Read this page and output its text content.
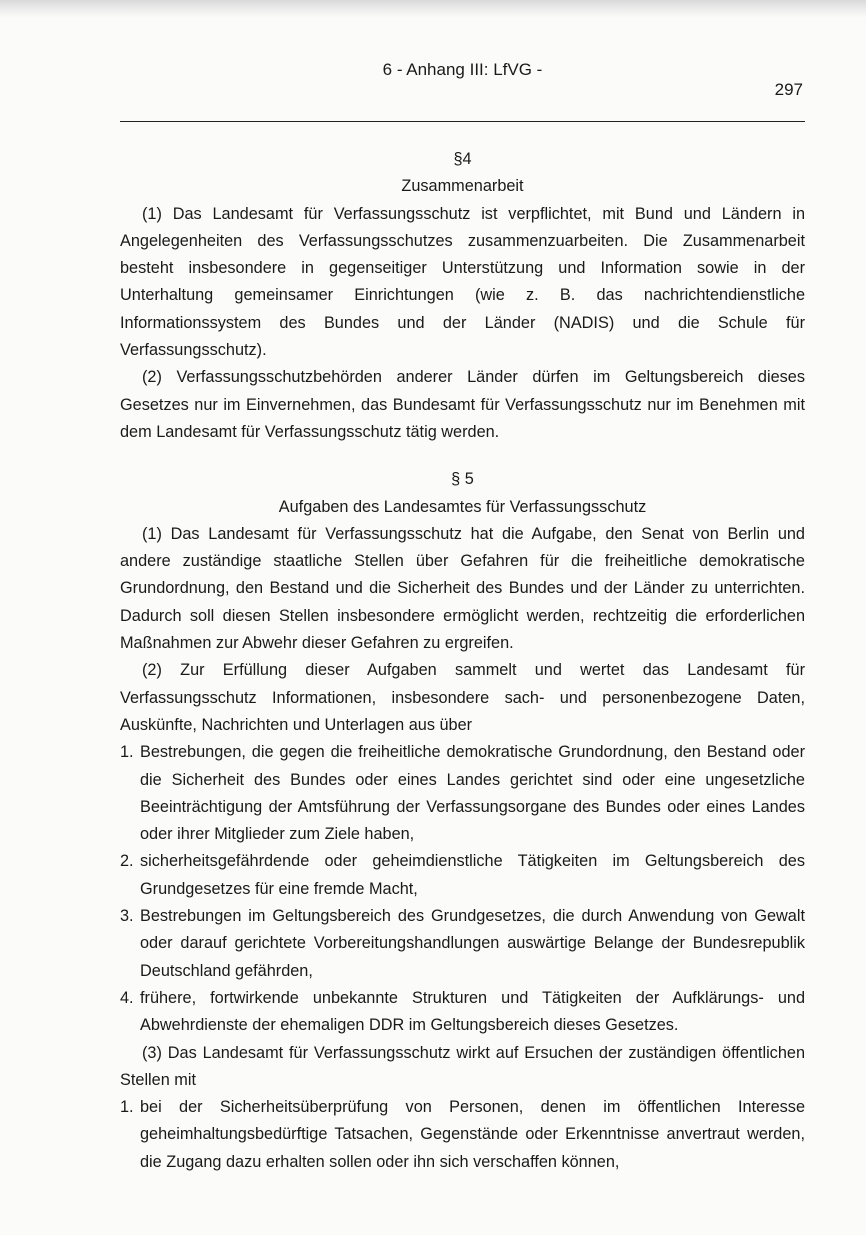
6 - Anhang III: LfVG -
297
§4
Zusammenarbeit

(1) Das Landesamt für Verfassungsschutz ist verpflichtet, mit Bund und Ländern in Angelegenheiten des Verfassungsschutzes zusammenzuarbeiten. Die Zusammenarbeit besteht insbesondere in gegenseitiger Unterstützung und Information sowie in der Unterhaltung gemeinsamer Einrichtungen (wie z. B. das nachrichtendienstliche Informationssystem des Bundes und der Länder (NADIS) und die Schule für Verfassungsschutz).

(2) Verfassungsschutzbehörden anderer Länder dürfen im Geltungsbereich dieses Gesetzes nur im Einvernehmen, das Bundesamt für Verfassungsschutz nur im Benehmen mit dem Landesamt für Verfassungsschutz tätig werden.

§ 5
Aufgaben des Landesamtes für Verfassungsschutz

(1) Das Landesamt für Verfassungsschutz hat die Aufgabe, den Senat von Berlin und andere zuständige staatliche Stellen über Gefahren für die freiheitliche demokratische Grundordnung, den Bestand und die Sicherheit des Bundes und der Länder zu unterrichten. Dadurch soll diesen Stellen insbesondere ermöglicht werden, rechtzeitig die erforderlichen Maßnahmen zur Abwehr dieser Gefahren zu ergreifen.

(2) Zur Erfüllung dieser Aufgaben sammelt und wertet das Landesamt für Verfassungsschutz Informationen, insbesondere sach- und personenbezogene Daten, Auskünfte, Nachrichten und Unterlagen aus über

1. Bestrebungen, die gegen die freiheitliche demokratische Grundordnung, den Bestand oder die Sicherheit des Bundes oder eines Landes gerichtet sind oder eine ungesetzliche Beeinträchtigung der Amtsführung der Verfassungsorgane des Bundes oder eines Landes oder ihrer Mitglieder zum Ziele haben,
2. sicherheitsgefährdende oder geheimdienstliche Tätigkeiten im Geltungsbereich des Grundgesetzes für eine fremde Macht,
3. Bestrebungen im Geltungsbereich des Grundgesetzes, die durch Anwendung von Gewalt oder darauf gerichtete Vorbereitungshandlungen auswärtige Belange der Bundesrepublik Deutschland gefährden,
4. frühere, fortwirkende unbekannte Strukturen und Tätigkeiten der Aufklärungs- und Abwehrdienste der ehemaligen DDR im Geltungsbereich dieses Gesetzes.

(3) Das Landesamt für Verfassungsschutz wirkt auf Ersuchen der zuständigen öffentlichen Stellen mit

1. bei der Sicherheitsüberprüfung von Personen, denen im öffentlichen Interesse geheimhaltungsbedürftige Tatsachen, Gegenstände oder Erkenntnisse anvertraut werden, die Zugang dazu erhalten sollen oder ihn sich verschaffen können,
